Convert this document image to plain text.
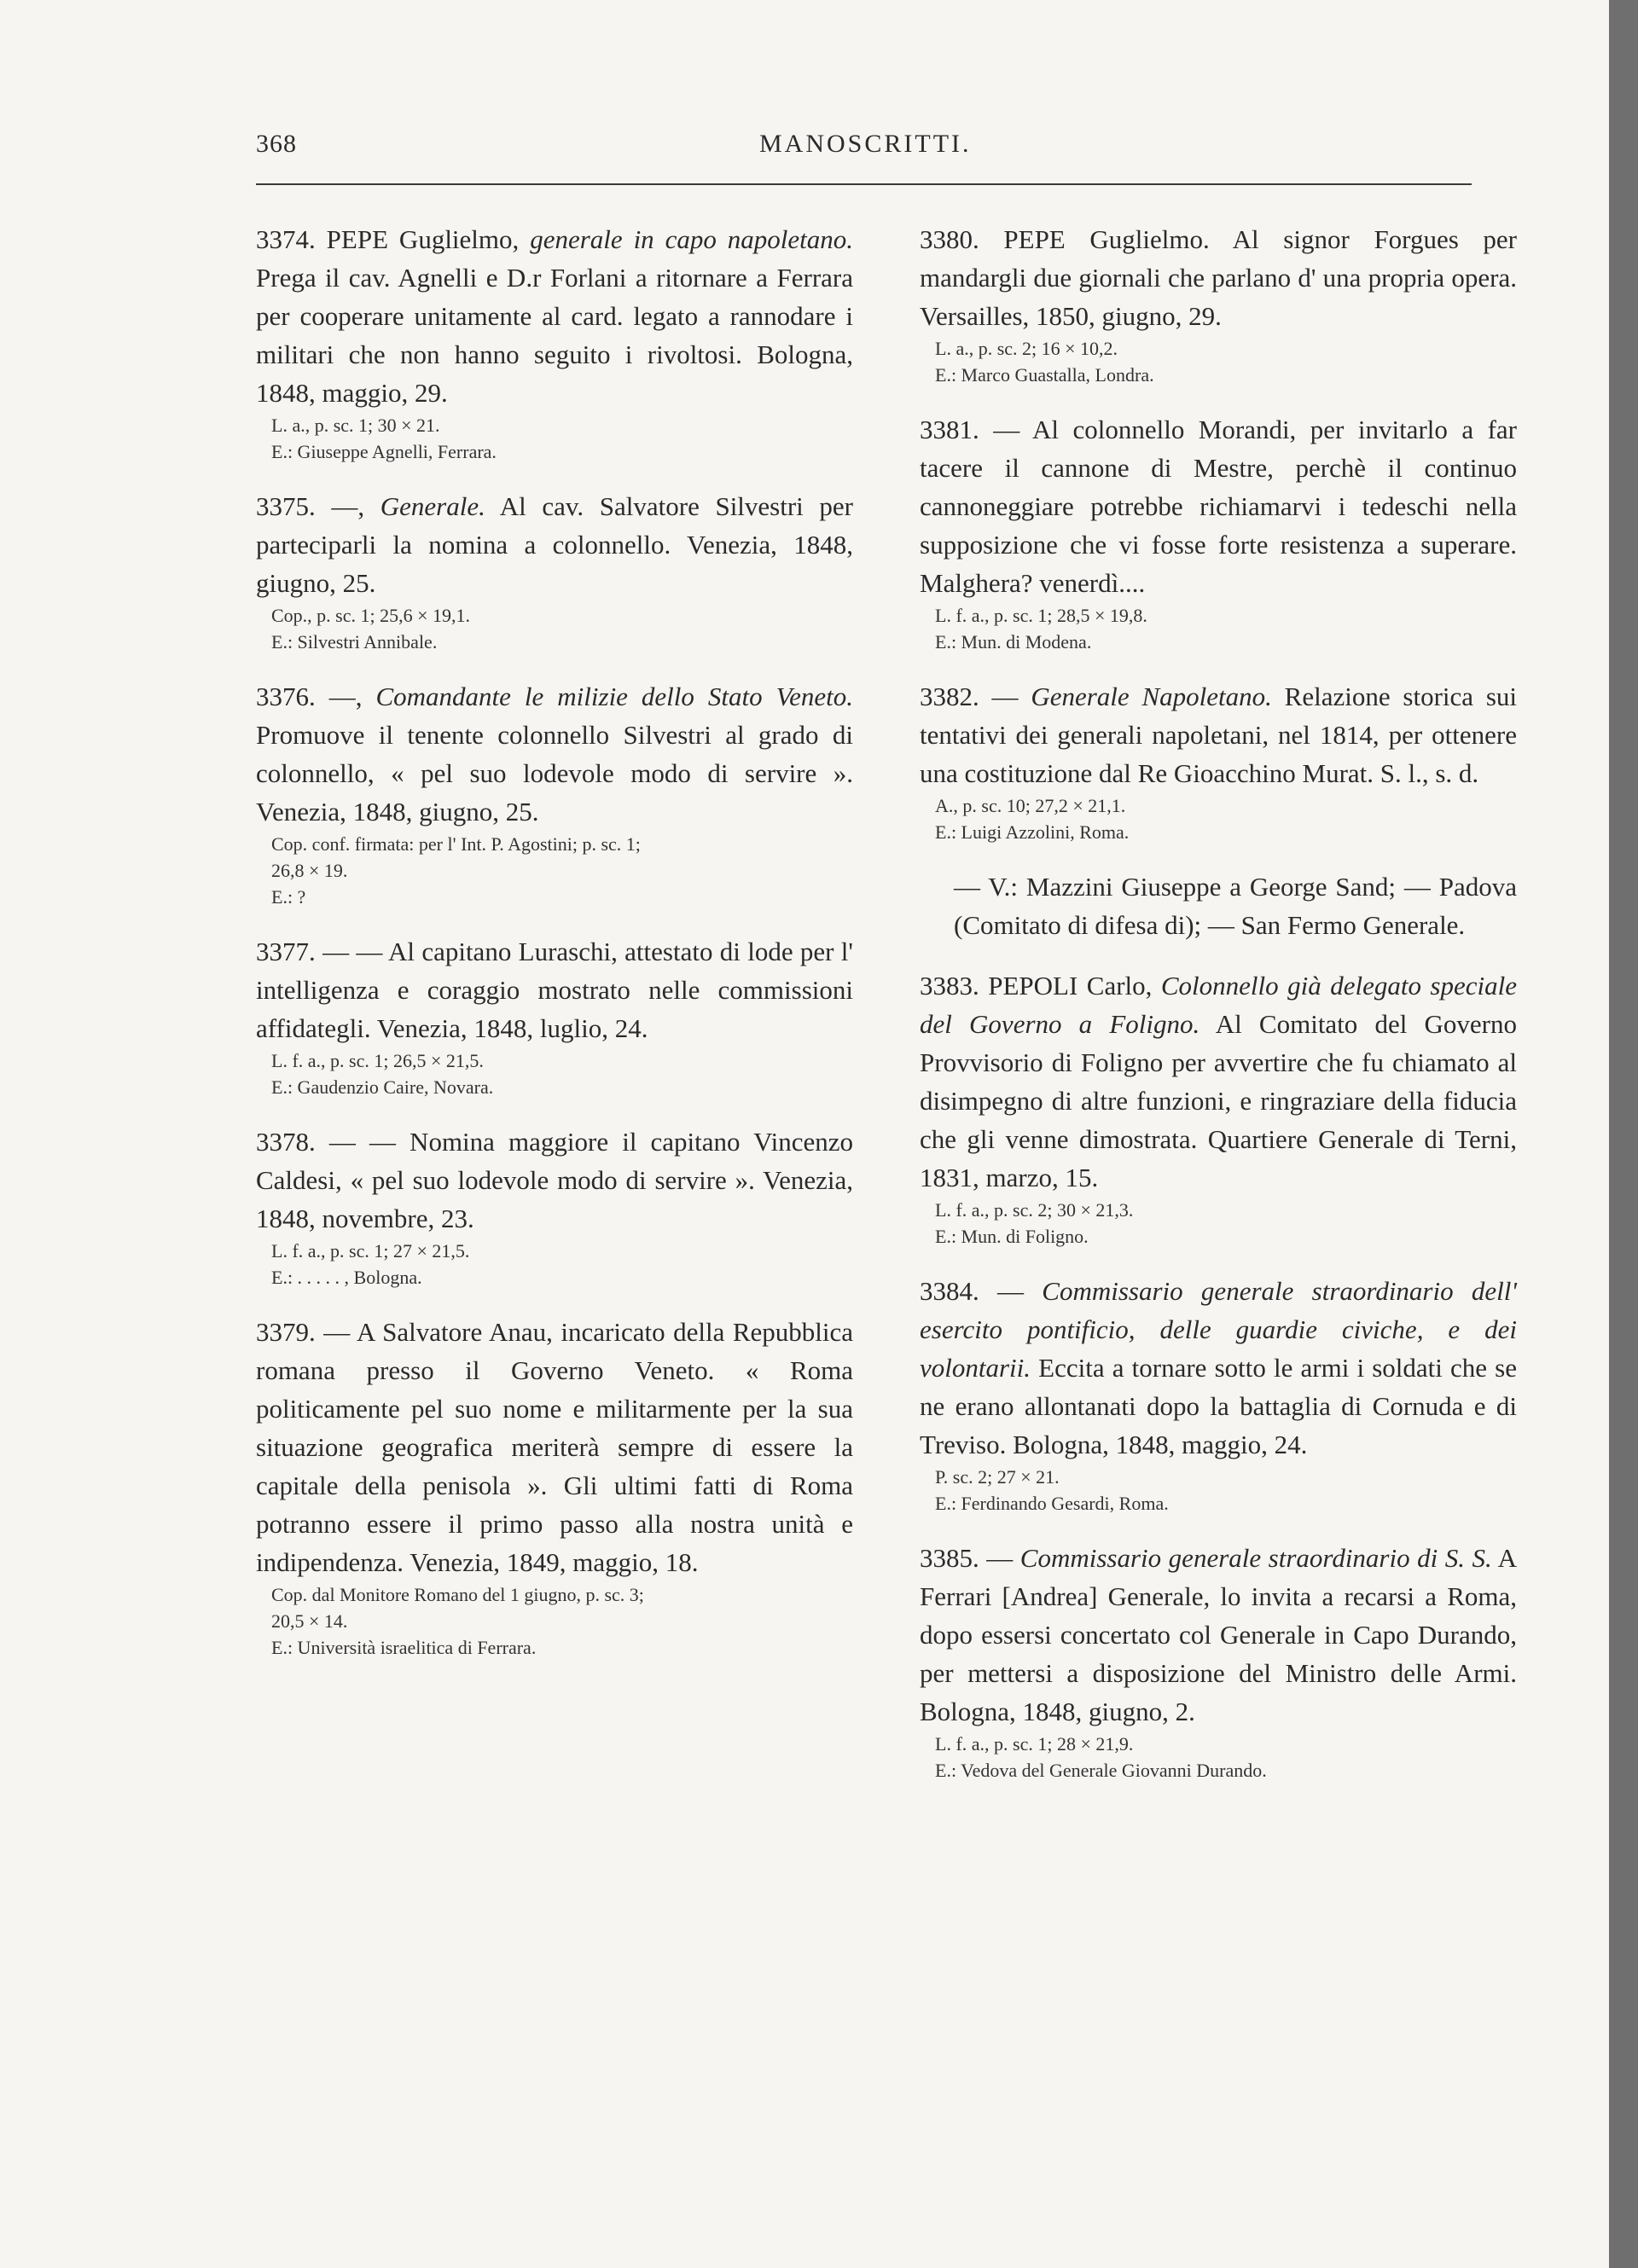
368	MANOSCRITTI.
3374. PEPE Guglielmo, generale in capo napoletano. Prega il cav. Agnelli e D.r Forlani a ritornare a Ferrara per cooperare unitamente al card. legato a rannodare i militari che non hanno seguito i rivoltosi. Bologna, 1848, maggio, 29.
L. a., p. sc. 1; 30 × 21.
E.: Giuseppe Agnelli, Ferrara.
3375. —, Generale. Al cav. Salvatore Silvestri per parteciparli la nomina a colonnello. Venezia, 1848, giugno, 25.
Cop., p. sc. 1; 25,6 × 19,1.
E.: Silvestri Annibale.
3376. —, Comandante le milizie dello Stato Veneto. Promuove il tenente colonnello Silvestri al grado di colonnello, « pel suo lodevole modo di servire ». Venezia, 1848, giugno, 25.
Cop. conf. firmata: per l' Int. P. Agostini; p. sc. 1;
26,8 × 19.
E.: ?
3377. — — Al capitano Luraschi, attestato di lode per l' intelligenza e coraggio mostrato nelle commissioni affidategli. Venezia, 1848, luglio, 24.
L. f. a., p. sc. 1; 26,5 × 21,5.
E.: Gaudenzio Caire, Novara.
3378. — — Nomina maggiore il capitano Vincenzo Caldesi, « pel suo lodevole modo di servire ». Venezia, 1848, novembre, 23.
L. f. a., p. sc. 1; 27 × 21,5.
E.: . . . . . , Bologna.
3379. — A Salvatore Anau, incaricato della Repubblica romana presso il Governo Veneto. « Roma politicamente pel suo nome e militarmente per la sua situazione geografica meriterà sempre di essere la capitale della penisola ». Gli ultimi fatti di Roma potranno essere il primo passo alla nostra unità e indipendenza. Venezia, 1849, maggio, 18.
Cop. dal Monitore Romano del 1 giugno, p. sc. 3;
20,5 × 14.
E.: Università israelitica di Ferrara.
3380. PEPE Guglielmo. Al signor Forgues per mandargli due giornali che parlano d' una propria opera. Versailles, 1850, giugno, 29.
L. a., p. sc. 2; 16 × 10,2.
E.: Marco Guastalla, Londra.
3381. — Al colonnello Morandi, per invitarlo a far tacere il cannone di Mestre, perchè il continuo cannoneggiare potrebbe richiamarvi i tedeschi nella supposizione che vi fosse forte resistenza a superare. Malghera? venerdì....
L. f. a., p. sc. 1; 28,5 × 19,8.
E.: Mun. di Modena.
3382. — Generale Napoletano. Relazione storica sui tentativi dei generali napoletani, nel 1814, per ottenere una costituzione dal Re Gioacchino Murat. S. l., s. d.
A., p. sc. 10; 27,2 × 21,1.
E.: Luigi Azzolini, Roma.
— V.: Mazzini Giuseppe a George Sand; — Padova (Comitato di difesa di); — San Fermo Generale.
3383. PEPOLI Carlo, Colonnello già delegato speciale del Governo a Foligno. Al Comitato del Governo Provvisorio di Foligno per avvertire che fu chiamato al disimpegno di altre funzioni, e ringraziare della fiducia che gli venne dimostrata. Quartiere Generale di Terni, 1831, marzo, 15.
L. f. a., p. sc. 2; 30 × 21,3.
E.: Mun. di Foligno.
3384. — Commissario generale straordinario dell' esercito pontificio, delle guardie civiche, e dei volontarii. Eccita a tornare sotto le armi i soldati che se ne erano allontanati dopo la battaglia di Cornuda e di Treviso. Bologna, 1848, maggio, 24.
P. sc. 2; 27 × 21.
E.: Ferdinando Gesardi, Roma.
3385. — Commissario generale straordinario di S. S. A Ferrari [Andrea] Generale, lo invita a recarsi a Roma, dopo essersi concertato col Generale in Capo Durando, per mettersi a disposizione del Ministro delle Armi. Bologna, 1848, giugno, 2.
L. f. a., p. sc. 1; 28 × 21,9.
E.: Vedova del Generale Giovanni Durando.
